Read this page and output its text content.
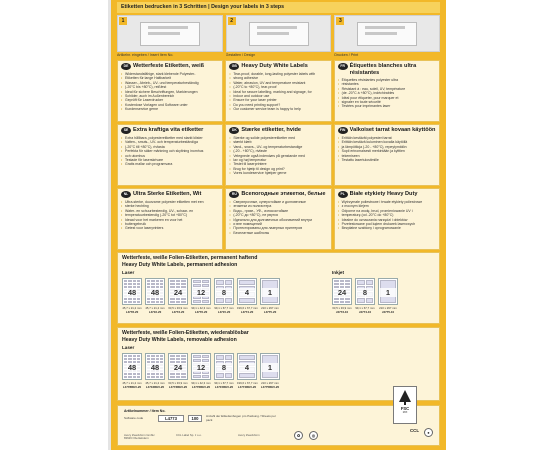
Etiketten bedrucken in 3 Schritten | Design your labels in 3 steps
1	2	3
Artikelnr. eingeben / Insert Item No.	Gestalten / Design	Drucken / Print
DE Wetterfeste Etiketten, weiß
• Widerstandsfähige, stark klebende Polyester-
• Etiketten für lange Haltbarkeit
• Wasser-, Abrieb-, UV- und temperaturbeständig
• (-20°C bis +80°C), reißfest
• Ideal für sichere Beschriftungen, Markierungen
• Schilder, auch im Außenbereich
• Geprüft für Laserdrucker
• Kostenlose Vorlagen und Software unter
• Kundenservice gerne
GB Heavy Duty White Labels
• Tear-proof, durable, long-lasting polyester labels with
• strong adhesive
• Water, abrasion, UV and temperature resistant
• (-20°C to +80°C), tear-proof
• Ideal for secure labelling, marking and signage, for
• indoor and outdoor use
• Ensure for your laser printer
• Do you need printing support?
• Our customer service team is happy to help
FR Étiquettes blanches ultra résistantes
• Étiquettes résistantes polyester ultra
• résistantes
• Résistant à : eau, soleil, UV, température
• (de -20°C à +80°C), indéchirables
• Idéal pour étiqueter, pour marquer et
• signaler en toute sécurité
• Testées pour imprimantes laser
SE Extra kraftiga vita etiketter
• Extra hållbara, polyesteretiketter med starkt klister
• Vatten-, smuts-, UV- och temperaturbeständiga
• (-20°C till +80°C), rivfasta
• Perfekta för säker märkning och skyltning inomhus
• och utomhus
• Testade för laserskrivare
• Gratis mallar och programvara
DK Stærke etiketter, hvide
• Stærke og solide polyesteretiketter med
• stærkt klæb
• Vand-, snavs-, UV- og temperaturbestandige
• (-20 - +80°C), rivfaste
• Velegnede også indendørs på genstande med
• lav og høj temperatur
• Testet til laserprintere
• Brug for hjælp til design og print?
• Vores kundeservice hjælper gerne
FIN Valkoiset tarrat kovaan käyttöön
• Erittäin kestävät polyesteri tarrat
• Erittäin kestävä kuluminen kovalla käytöllä
• ja lämpötiloja (-20 - +80°C), repeytymätön
• Sopii erinomaisesti merkintään ja kylttien
• tekemiseen
• Testattu lasertulostimille
NL Ultra Sterke Etiketten, Wit
• Ultra-sterke, duurzame polyester etiketten met een
• sterke hechting
• Water- en schuurbestendig, UV-, schaar- en
• temperatuurbestendig (-20°C tot +80°C)
• Ideaal voor het markeren en voor het
• buitengebruik
• Getest voor laserprinters
RU Всепогодные этикетки, белые
• Сверхпрочные, суперстойкие и долговечные
• этикетки из полиэстера
• Водо-, грязе-, УФ-, износостойкие
• (-20°C до +80°C), не рвутся
• Идеально для долговечных обозначений внутри
• и вне помещений
• Протестированы для лазерных принтеров
• Бесплатные шаблоны
PL Białe etykiety Heavy Duty
• Wytrzymałe poliestrowe i trwałe etykiety poliestrowe
• z mocnym klejem
• Odporne na wodę, brud, promieniowanie UV i
• temperaturę (od -20°C do +80°C)
• Idealne do oznaczania narzędzi i obiektów
• Przetestowane pod kątem drukarek laserowych
• Bezpłatne szablony i oprogramowanie
Wetterfeste, weiße Folien-Etiketten, permanent haftend
Heavy Duty White Labels, permanent adhesion
Laser	Inkjet
48
45,7 x 21,2 mm
L4778-20
48
45,7 x 21,2 mm
L4716-20
24
63,5 x 33,9 mm
L4773-20
12
99,1 x 42,3 mm
L4776-20
8
99,1 x 67,7 mm
L4715-20
4
199,6 x 67,7 mm
L4774-20
1
210 x 297 mm
L4775-20
24
63,5 x 33,9 mm
J4773-10
8
99,1 x 67,7 mm
J4774-10
1
210 x 297 mm
J4775-10
Wetterfeste, weiße Folien-Etiketten, wiederablösbar
Heavy Duty White Labels, removable adhesion
Laser
48
45,7 x 21,2 mm
L4778REV-20
48
45,7 x 21,2 mm
L4716REV-20
24
63,5 x 33,9 mm
L4773REV-20
12
99,1 x 42,3 mm
L4776REV-20
8
99,1 x 67,7 mm
L4715REV-20
4
199,6 x 67,7 mm
L4774REV-20
1
210 x 297 mm
L4775REV-20
Artikelnummer / Item No.
Software code	L4773	100	Anzahl der Etikettenbogen pro Packung / Sheets per pack
Avery Zweckform GmbH
83626 Oberlaindern
CCL Label Sp. z o.o.	Avery Zweckform
FSC
MIX
♻	◎
CCL	●
